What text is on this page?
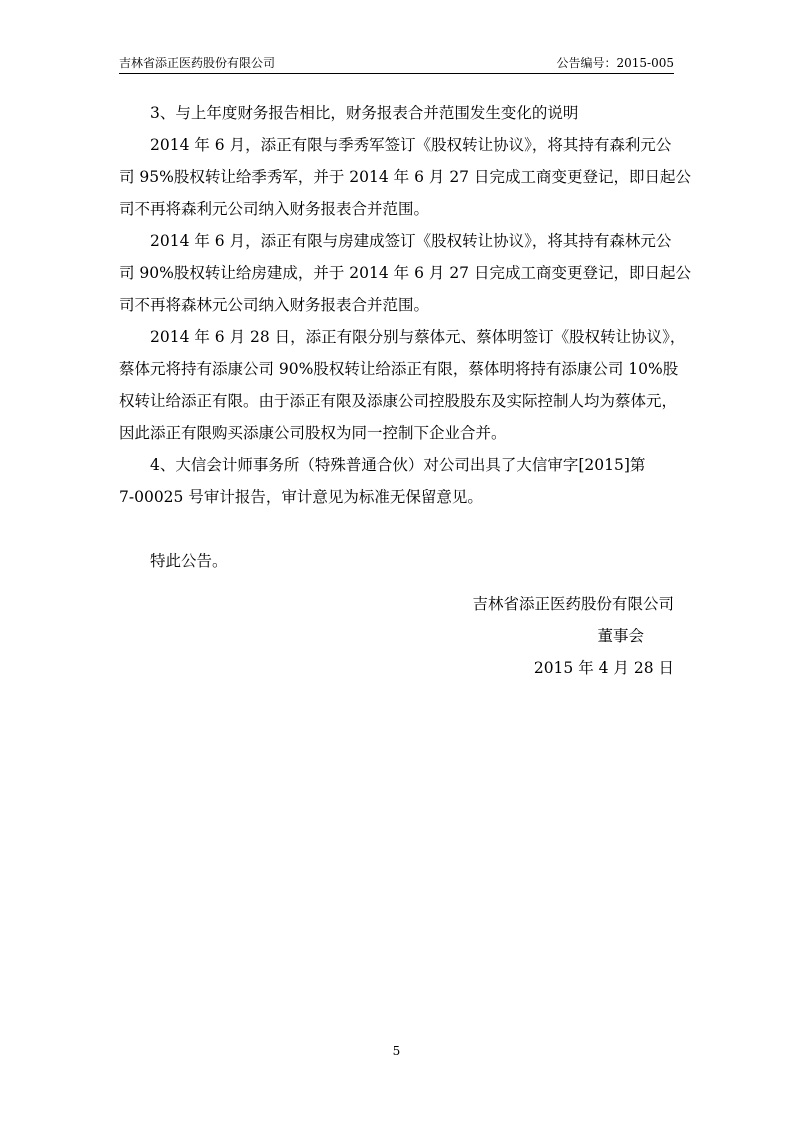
吉林省添正医药股份有限公司	公告编号：2015-005

3、与上年度财务报告相比，财务报表合并范围发生变化的说明

2014 年 6 月，添正有限与季秀军签订《股权转让协议》，将其持有森利元公
司 95%股权转让给季秀军，并于 2014 年 6 月 27 日完成工商变更登记，即日起公
司不再将森利元公司纳入财务报表合并范围。

2014 年 6 月，添正有限与房建成签订《股权转让协议》，将其持有森林元公
司 90%股权转让给房建成，并于 2014 年 6 月 27 日完成工商变更登记，即日起公
司不再将森林元公司纳入财务报表合并范围。

2014 年 6 月 28 日，添正有限分别与蔡体元、蔡体明签订《股权转让协议》，
蔡体元将持有添康公司 90%股权转让给添正有限，蔡体明将持有添康公司 10%股
权转让给添正有限。由于添正有限及添康公司控股股东及实际控制人均为蔡体元，
因此添正有限购买添康公司股权为同一控制下企业合并。

4、大信会计师事务所（特殊普通合伙）对公司出具了大信审字[2015]第
7-00025 号审计报告，审计意见为标准无保留意见。

特此公告。

吉林省添正医药股份有限公司
董事会
2015 年 4 月 28 日
5
